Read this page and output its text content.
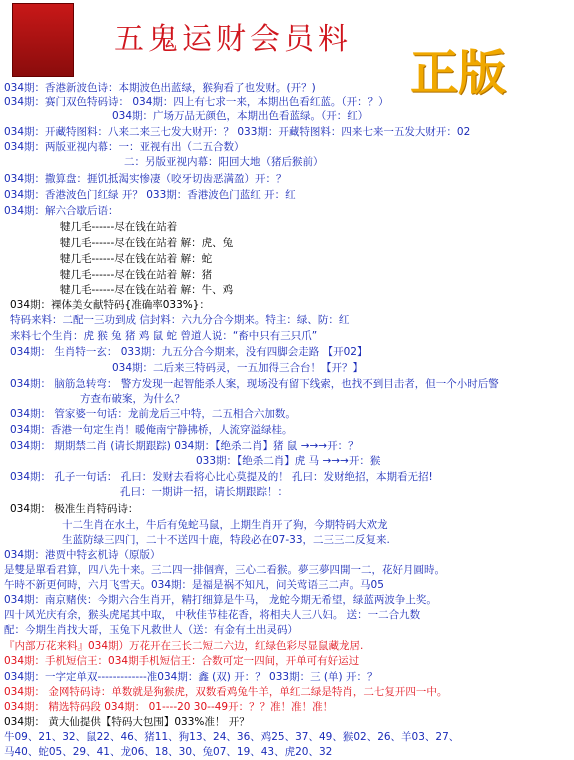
五鬼运财会员料
正版
034期：香港新波色诗：本期波色出蓝绿，猴狗看了也发财。(开？)
034期：赛门双色特码诗： 034期：四上有七求一来，本期出色看红蓝。（开：？）
034期：广场万品无颜色，本期出色看蓝绿。（开：红）
034期：开藏特图料：八来二来三七发大财开：？ 033期：开藏特图料：四来七来一五发大财开：02
034期：两版亚视内幕：一：亚视有出（二五合数）
二：另版亚视内幕：阳回大地（猪后猴前）
034期：撒算盘：捱饥抵渴实惨凄（咬牙切齿恶满盈）开：？
034期：香港波色门红绿 开？ 033期：香港波色门蓝红 开：红
034期：解六合歇后语：
犍几毛------尽在钱在站着
犍几毛------尽在钱在站着 解：虎、兔
犍几毛------尽在钱在站着 解：蛇
犍几毛------尽在钱在站着 解：猪
犍几毛------尽在钱在站着 解：牛、鸡
034期：裸体美女献特码{准确率033%}：
特码来料：二配一三功到成 信封料：六九分合今期来。特主：绿、防：红
来料七个生肖：虎 猴 兔 猪 鸡 鼠 蛇 曾道人说：“畜中只有三只爪”
034期： 生肖特一玄： 033期：九五分合今期来，没有四脚会走路 【开02】
034期：二后来三特码灵，一五加得三合台！【开？】
034期： 脑筋急转弯： 警方发现一起智能杀人案，现场没有留下线索，也找不到目击者，但一个小时后警
方查布破案，为什么？
034期： 管家婆一句话：龙前龙后三中特，二五相合六加数。
034期：香港一句定生肖！暖俺南宁静拂桥，人流穿溢绿桂。
034期： 期期禁二肖 (请长期跟踪) 034期：【绝杀二肖】猪 鼠 →→→开：？
033期：【绝杀二肖】虎 马 →→→开：猴
034期： 孔子一句话： 孔曰：发财去看将心比心莫提及的！ 孔曰：发财绝招，本期看无招!
孔曰：一期讲一招，请长期跟踪！：
034期： 极准生肖特码诗：
十二生肖在水土，牛后有兔蛇马鼠，上期生肖开了狗，今期特码大欢龙
生蓝防绿三四门，二十不送四十鹿，特段必在07-33，二三三二反复来.
034期：港贾中特玄机诗（原版）
是雙是單看君算，四八先十来。三二四一排個齊，三心二看猴。夢三夢四開一二，花好月圓時。
午時不新更何時，六月飞雪天。034期：是福是祸不知凡，问关莺语三二声。马05
034期：南京赌侠：今期六合生肖开，精打细算是牛马， 龙蛇今期无希望，绿蓝两波争上奖。
四十风光庆有余，猴头虎尾其中取， 中秋佳节桂花香，将相夫人三八妇。 送：一二合九数
配：今期生肖找大哥，玉兔下凡救世人（送：有金有土出灵码）
『内部万花来料』034期）万花开在三长二短二六边，红绿色彩尽显鼠藏龙居.
034期：手机短信王：034期手机短信王：合数可定一四间，开单可有好运过
034期：一字定单双-------------准034期：鑫 (双) 开：？ 033期：三 (单) 开：？
034期： 金网特码诗：单数就是狗猴虎，双数看鸡兔牛羊，单红二绿是特肖，二七复开四一中。
034期： 精选特码段 034期： 01----20 30--49开：？？准！准！准！
034期： 黄大仙提供【特码大包围】033%准！ 开？
牛09、21、32、鼠22、46、猪11、狗13、24、36、鸡25、37、49、猴02、26、羊03、27、
马40、蛇05、29、41、龙06、18、30、兔07、19、43、虎20、32
